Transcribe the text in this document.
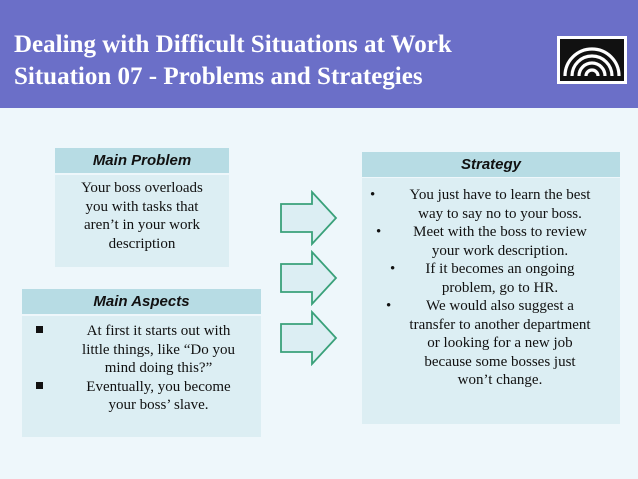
Dealing with Difficult Situations at Work
Situation 07 - Problems and Strategies
Main Problem
Your boss overloads
you with tasks that
aren’t in your work
description
Main Aspects
At first it starts out with
little things, like “Do you
mind doing this?”
Eventually, you become
your boss’ slave.
Strategy
•	You just have to learn the best
way to say no to your boss.
•	Meet with the boss to review
your work description.
•	If it becomes an ongoing
problem, go to HR.
•	We would also suggest a
transfer to another department
or looking for a new job
because some bosses just
won’t change.
